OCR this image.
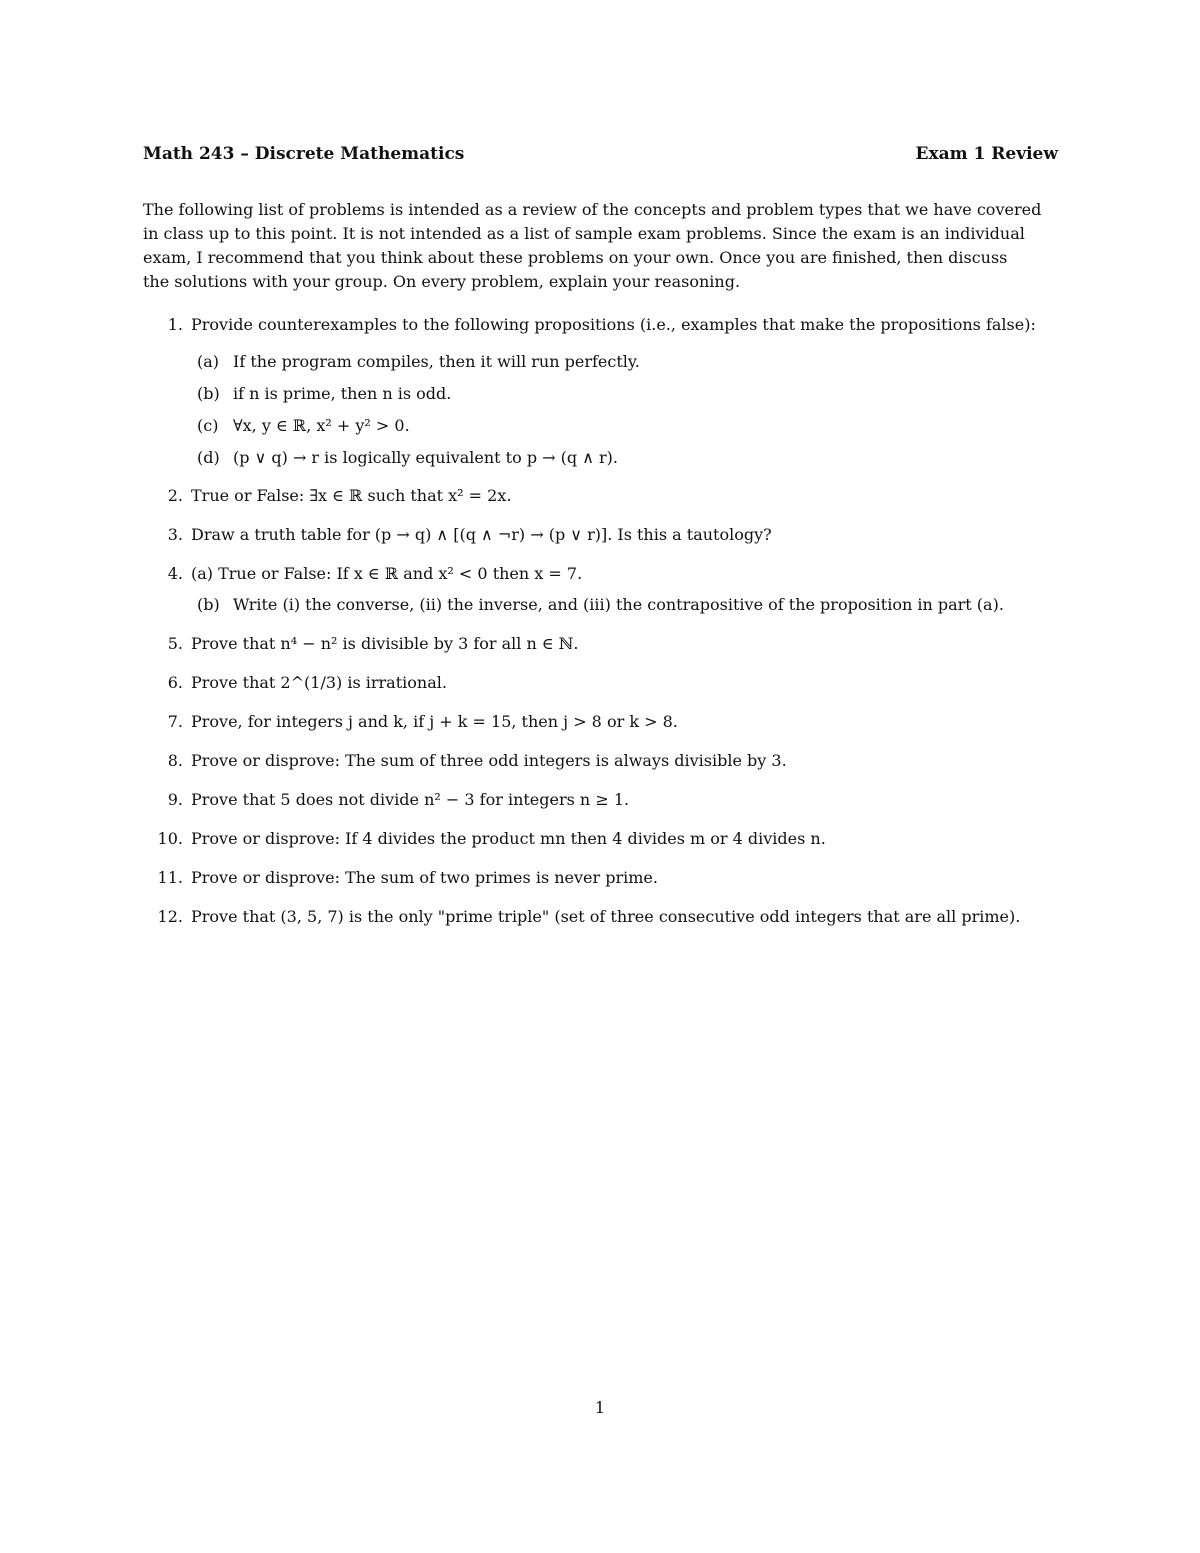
Math 243 – Discrete Mathematics	Exam 1 Review

The following list of problems is intended as a review of the concepts and problem types that we have covered
in class up to this point. It is not intended as a list of sample exam problems. Since the exam is an individual
exam, I recommend that you think about these problems on your own. Once you are finished, then discuss
the solutions with your group. On every problem, explain your reasoning.

1. Provide counterexamples to the following propositions (i.e., examples that make the propositions false):
(a) If the program compiles, then it will run perfectly.
(b) if n is prime, then n is odd.
(c) ∀x, y ∈ ℝ, x² + y² > 0.
(d) (p ∨ q) → r is logically equivalent to p → (q ∧ r).
2. True or False: ∃x ∈ ℝ such that x² = 2x.
3. Draw a truth table for (p → q) ∧ [(q ∧ ¬r) → (p ∨ r)]. Is this a tautology?
4. (a) True or False: If x ∈ ℝ and x² < 0 then x = 7.
(b) Write (i) the converse, (ii) the inverse, and (iii) the contrapositive of the proposition in part (a).
5. Prove that n⁴ − n² is divisible by 3 for all n ∈ ℕ.
6. Prove that 2^(1/3) is irrational.
7. Prove, for integers j and k, if j + k = 15, then j > 8 or k > 8.
8. Prove or disprove: The sum of three odd integers is always divisible by 3.
9. Prove that 5 does not divide n² − 3 for integers n ≥ 1.
10. Prove or disprove: If 4 divides the product mn then 4 divides m or 4 divides n.
11. Prove or disprove: The sum of two primes is never prime.
12. Prove that (3, 5, 7) is the only "prime triple" (set of three consecutive odd integers that are all prime).
1
